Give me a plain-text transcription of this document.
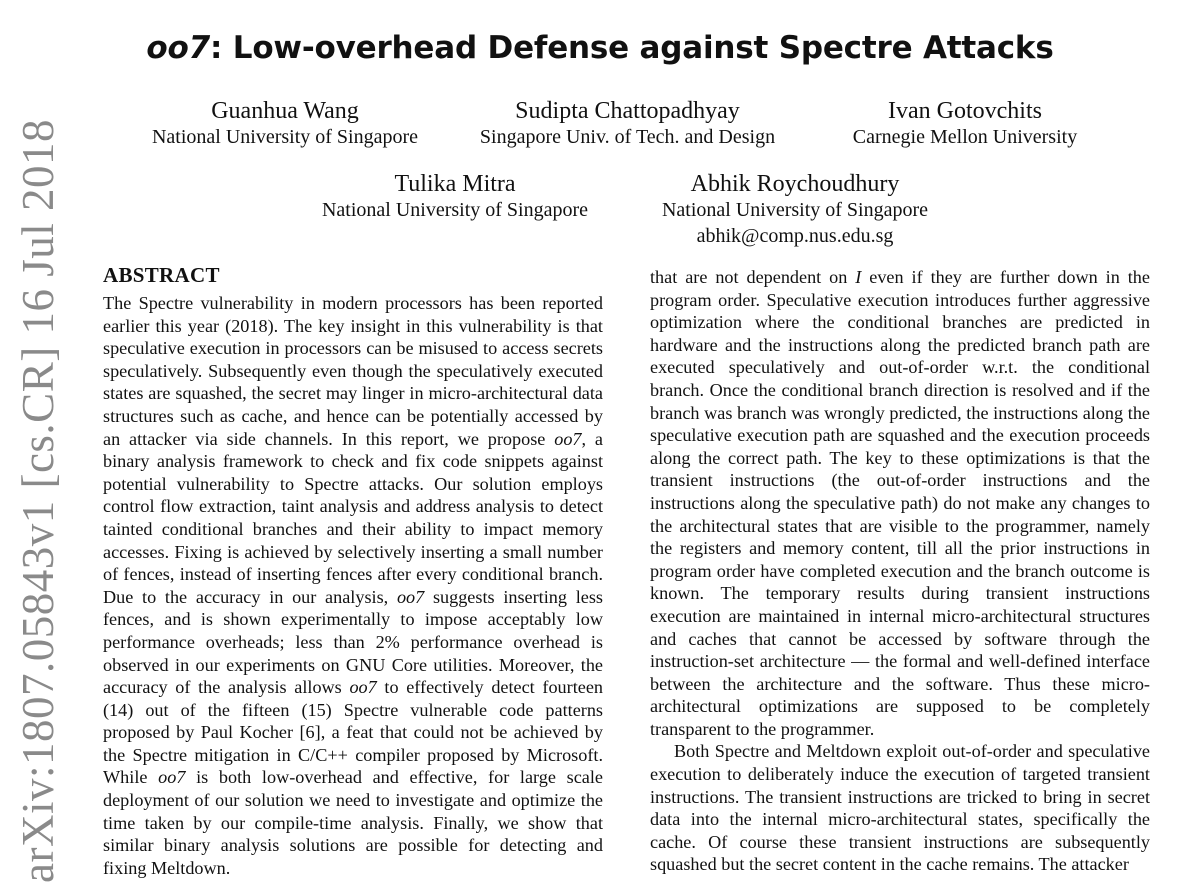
oo7: Low-overhead Defense against Spectre Attacks
Guanhua Wang
National University of Singapore
Sudipta Chattopadhyay
Singapore Univ. of Tech. and Design
Ivan Gotovchits
Carnegie Mellon University
Tulika Mitra
National University of Singapore
Abhik Roychoudhury
National University of Singapore
abhik@comp.nus.edu.sg
arXiv:1807.05843v1 [cs.CR] 16 Jul 2018 ABSTRACT

The Spectre vulnerability in modern processors has been reported earlier this year (2018). The key insight in this vulnerability is that speculative execution in processors can be misused to access secrets speculatively. Subsequently even though the speculatively executed states are squashed, the secret may linger in micro-architectural data structures such as cache, and hence can be potentially accessed by an attacker via side channels. In this report, we propose oo7, a binary analysis framework to check and fix code snippets against potential vulnerability to Spectre attacks. Our solution employs control flow extraction, taint analysis and address analysis to detect tainted conditional branches and their ability to impact memory accesses. Fixing is achieved by selectively inserting a small number of fences, instead of inserting fences after every conditional branch. Due to the accuracy in our analysis, oo7 suggests inserting less fences, and is shown experimentally to impose acceptably low performance overheads; less than 2% performance overhead is observed in our experiments on GNU Core utilities. Moreover, the accuracy of the analysis allows oo7 to effectively detect fourteen (14) out of the fifteen (15) Spectre vulnerable code patterns proposed by Paul Kocher [6], a feat that could not be achieved by the Spectre mitigation in C/C++ compiler proposed by Microsoft. While oo7 is both low-overhead and effective, for large scale deployment of our solution we need to investigate and optimize the time taken by our compile-time analysis. Finally, we show that similar binary analysis solutions are possible for detecting and fixing Meltdown.

that are not dependent on I even if they are further down in the program order. Speculative execution introduces further aggressive optimization where the conditional branches are predicted in hardware and the instructions along the predicted branch path are executed speculatively and out-of-order w.r.t. the conditional branch. Once the conditional branch direction is resolved and if the branch was branch was wrongly predicted, the instructions along the speculative execution path are squashed and the execution proceeds along the correct path. The key to these optimizations is that the transient instructions (the out-of-order instructions and the instructions along the speculative path) do not make any changes to the architectural states that are visible to the programmer, namely the registers and memory content, till all the prior instructions in program order have completed execution and the branch outcome is known. The temporary results during transient instructions execution are maintained in internal micro-architectural structures and caches that cannot be accessed by software through the instruction-set architecture — the formal and well-defined interface between the architecture and the software. Thus these micro-architectural optimizations are supposed to be completely transparent to the programmer.

Both Spectre and Meltdown exploit out-of-order and speculative execution to deliberately induce the execution of targeted transient instructions. The transient instructions are tricked to bring in secret data into the internal micro-architectural states, specifically the cache. Of course these transient instructions are subsequently squashed but the secret content in the cache remains. The attacker
